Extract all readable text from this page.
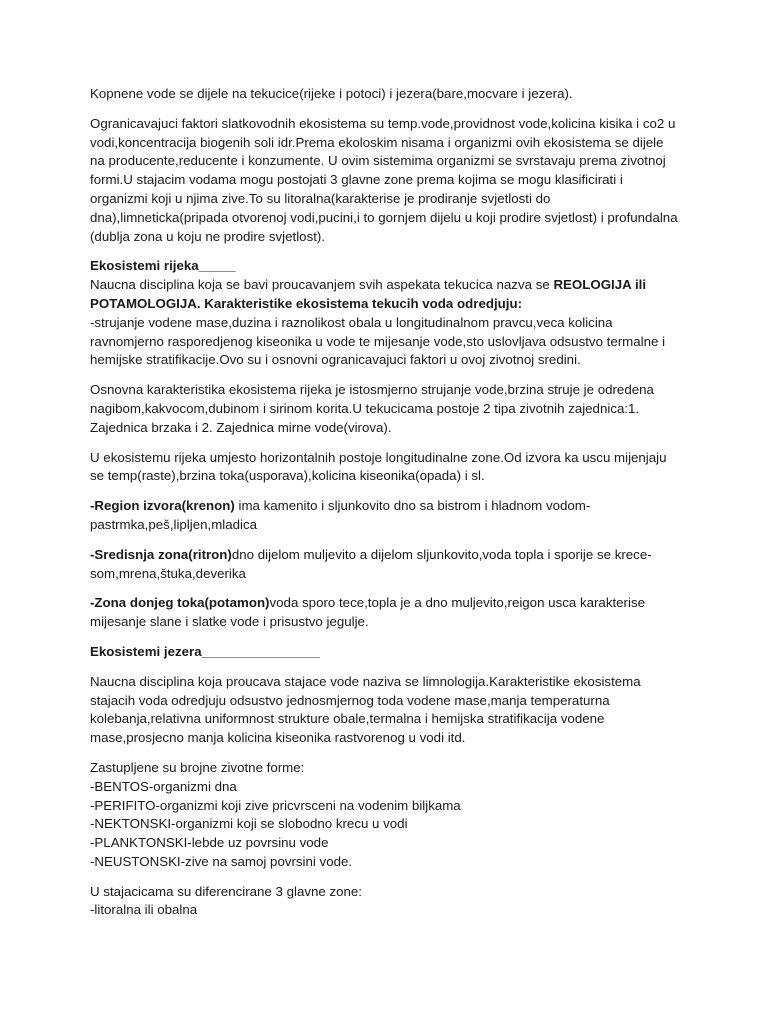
Kopnene vode se dijele na tekucice(rijeke i potoci) i jezera(bare,mocvare i jezera).

Ogranicavajuci faktori slatkovodnih ekosistema su temp.vode,providnost vode,kolicina kisika i co2 u vodi,koncentracija biogenih soli idr.Prema ekoloskim nisama i organizmi ovih ekosistema se dijele na producente,reducente i konzumente. U ovim sistemima organizmi se svrstavaju prema zivotnoj formi.U stajacim vodama mogu postojati 3 glavne zone prema kojima se mogu klasificirati i organizmi koji u njima zive.To su litoralna(karakterise je prodiranje svjetlosti do dna),limneticka(pripada otvorenoj vodi,pucini,i to gornjem dijelu u koji prodire svjetlost) i profundalna (dublja zona u koju ne prodire svjetlost).

Ekosistemi rijeka_____
Naucna disciplina koja se bavi proucavanjem svih aspekata tekucica nazva se REOLOGIJA ili POTAMOLOGIJA. Karakteristike ekosistema tekucih voda odredjuju:
-strujanje vodene mase,duzina i raznolikost obala u longitudinalnom pravcu,veca kolicina ravnomjerno rasporedjenog kiseonika u vode te mijesanje vode,sto uslovljava odsustvo termalne i hemijske stratifikacije.Ovo su i osnovni ogranicavajuci faktori u ovoj zivotnoj sredini.

Osnovna karakteristika ekosistema rijeka je istosmjerno strujanje vode,brzina struje je odredena nagibom,kakvocom,dubinom i sirinom korita.U tekucicama postoje 2 tipa zivotnih zajednica:1. Zajednica brzaka i 2. Zajednica mirne vode(virova).

U ekosistemu rijeka umjesto horizontalnih postoje longitudinalne zone.Od izvora ka uscu mijenjaju se temp(raste),brzina toka(usporava),kolicina kiseonika(opada) i sl.

-Region izvora(krenon) ima kamenito i sljunkovito dno sa bistrom i hladnom vodom-pastrmka,peš,lipljen,mladica

-Sredisnja zona(ritron)dno dijelom muljevito a dijelom sljunkovito,voda topla i sporije se krece-som,mrena,štuka,deverika

-Zona donjeg toka(potamon)voda sporo tece,topla je a dno muljevito,reigon usca karakterise mijesanje slane i slatke vode i prisustvo jegulje.

Ekosistemi jezera________________

Naucna disciplina koja proucava stajace vode naziva se limnologija.Karakteristike ekosistema stajacih voda odredjuju odsustvo jednosmjernog toda vodene mase,manja temperaturna kolebanja,relativna uniformnost strukture obale,termalna i hemijska stratifikacija vodene mase,prosjecno manja kolicina kiseonika rastvorenog u vodi itd.

Zastupljene su brojne zivotne forme:
-BENTOS-organizmi dna
-PERIFITO-organizmi koji zive pricvrsceni na vodenim biljkama
-NEKTONSKI-organizmi koji se slobodno krecu u vodi
-PLANKTONSKI-lebde uz povrsinu vode
-NEUSTONSKI-zive na samoj povrsini vode.

U stajacicama su diferencirane 3 glavne zone:
-litoralna ili obalna
